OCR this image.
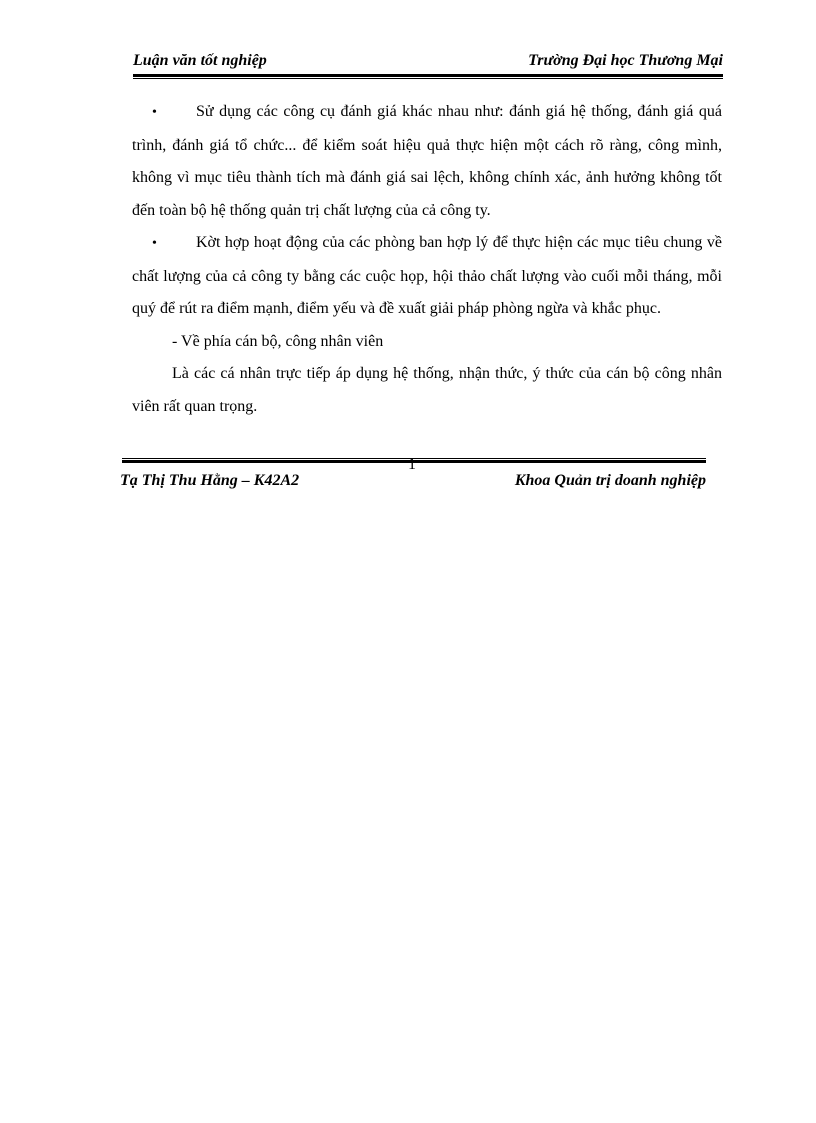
Luận văn tốt nghiệp	Trường Đại học Thương Mại

• Sử dụng các công cụ đánh giá khác nhau như: đánh giá hệ thống, đánh giá quá trình, đánh giá tổ chức... để kiểm soát hiệu quả thực hiện một cách rõ ràng, công mình, không vì mục tiêu thành tích mà đánh giá sai lệch, không chính xác, ảnh hưởng không tốt đến toàn bộ hệ thống quản trị chất lượng của cả công ty.

• Kờt hợp hoạt động của các phòng ban hợp lý để thực hiện các mục tiêu chung về chất lượng của cả công ty bằng các cuộc họp, hội thảo chất lượng vào cuối mỗi tháng, mỗi quý để rút ra điểm mạnh, điểm yếu và đề xuất giải pháp phòng ngừa và khắc phục.

- Về phía cán bộ, công nhân viên

Là các cá nhân trực tiếp áp dụng hệ thống, nhận thức, ý thức của cán bộ công nhân viên rất quan trọng.

1
Tạ Thị Thu Hằng – K42A2	Khoa Quản trị doanh nghiệp
